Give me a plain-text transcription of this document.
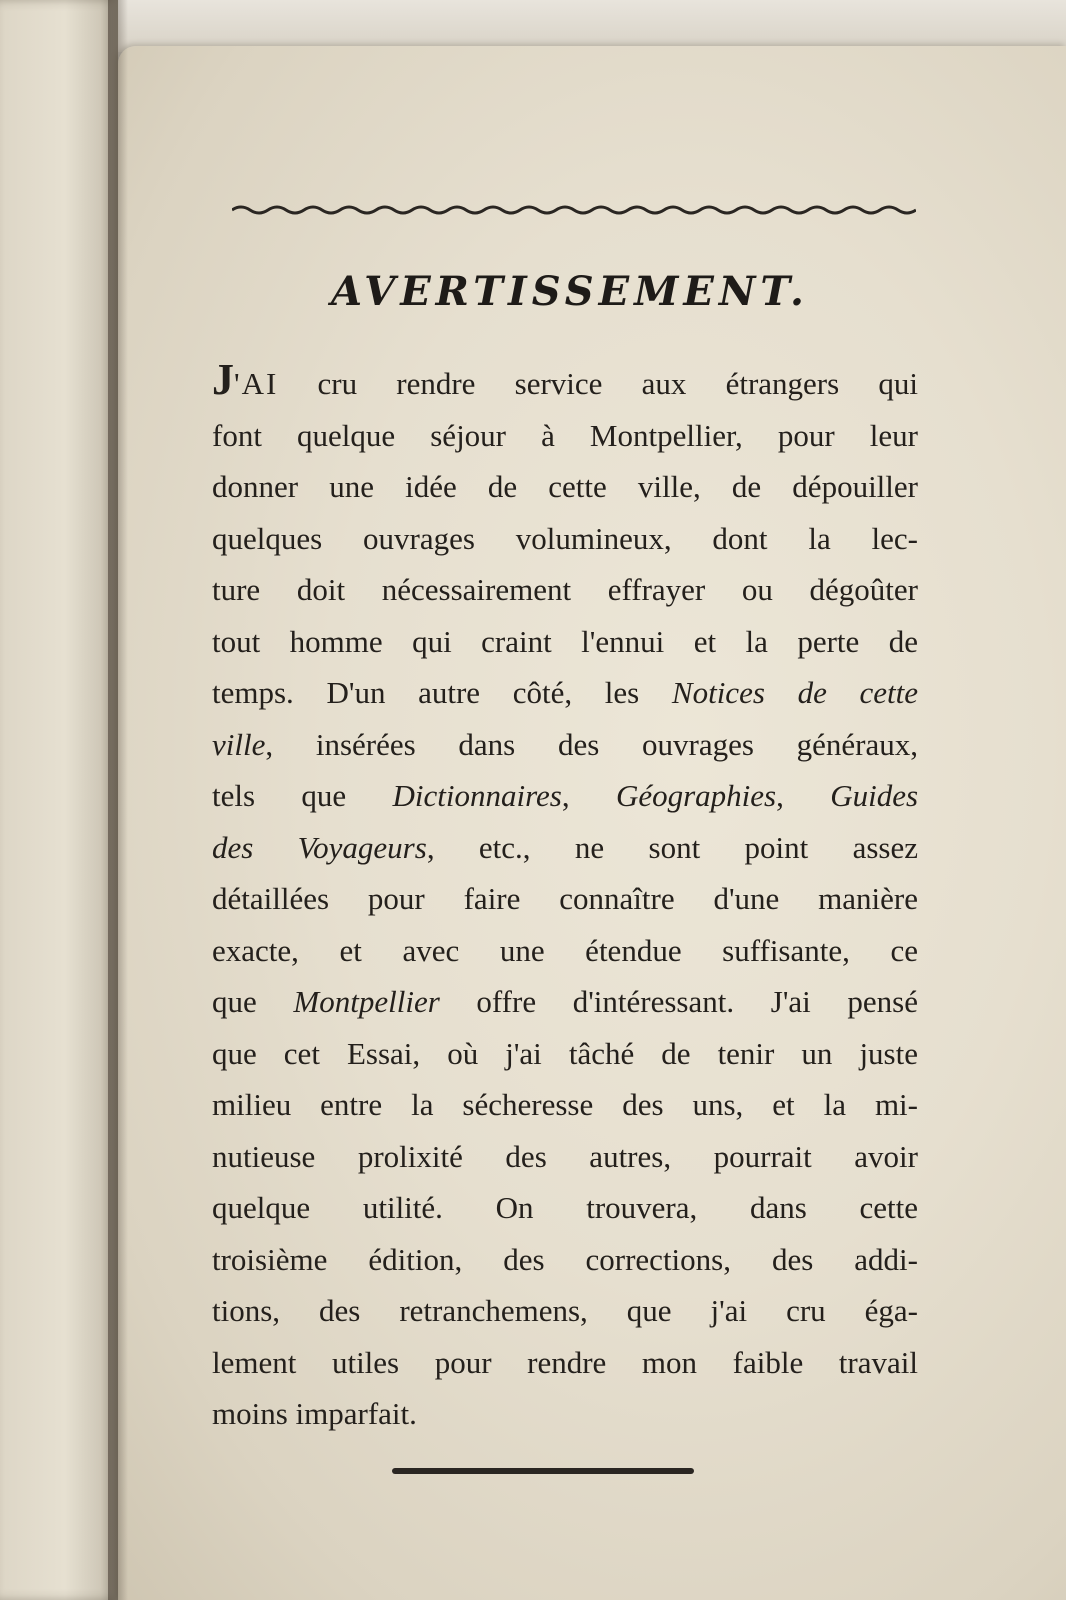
AVERTISSEMENT.
J'AI cru rendre service aux étrangers qui
font quelque séjour à Montpellier, pour leur
donner une idée de cette ville, de dépouiller
quelques ouvrages volumineux, dont la lec-
ture doit nécessairement effrayer ou dégoûter
tout homme qui craint l'ennui et la perte de
temps. D'un autre côté, les Notices de cette
ville, insérées dans des ouvrages généraux,
tels que Dictionnaires, Géographies, Guides
des Voyageurs, etc., ne sont point assez
détaillées pour faire connaître d'une manière
exacte, et avec une étendue suffisante, ce
que Montpellier offre d'intéressant. J'ai pensé
que cet Essai, où j'ai tâché de tenir un juste
milieu entre la sécheresse des uns, et la mi-
nutieuse prolixité des autres, pourrait avoir
quelque utilité. On trouvera, dans cette
troisième édition, des corrections, des addi-
tions, des retranchemens, que j'ai cru éga-
lement utiles pour rendre mon faible travail
moins imparfait.
